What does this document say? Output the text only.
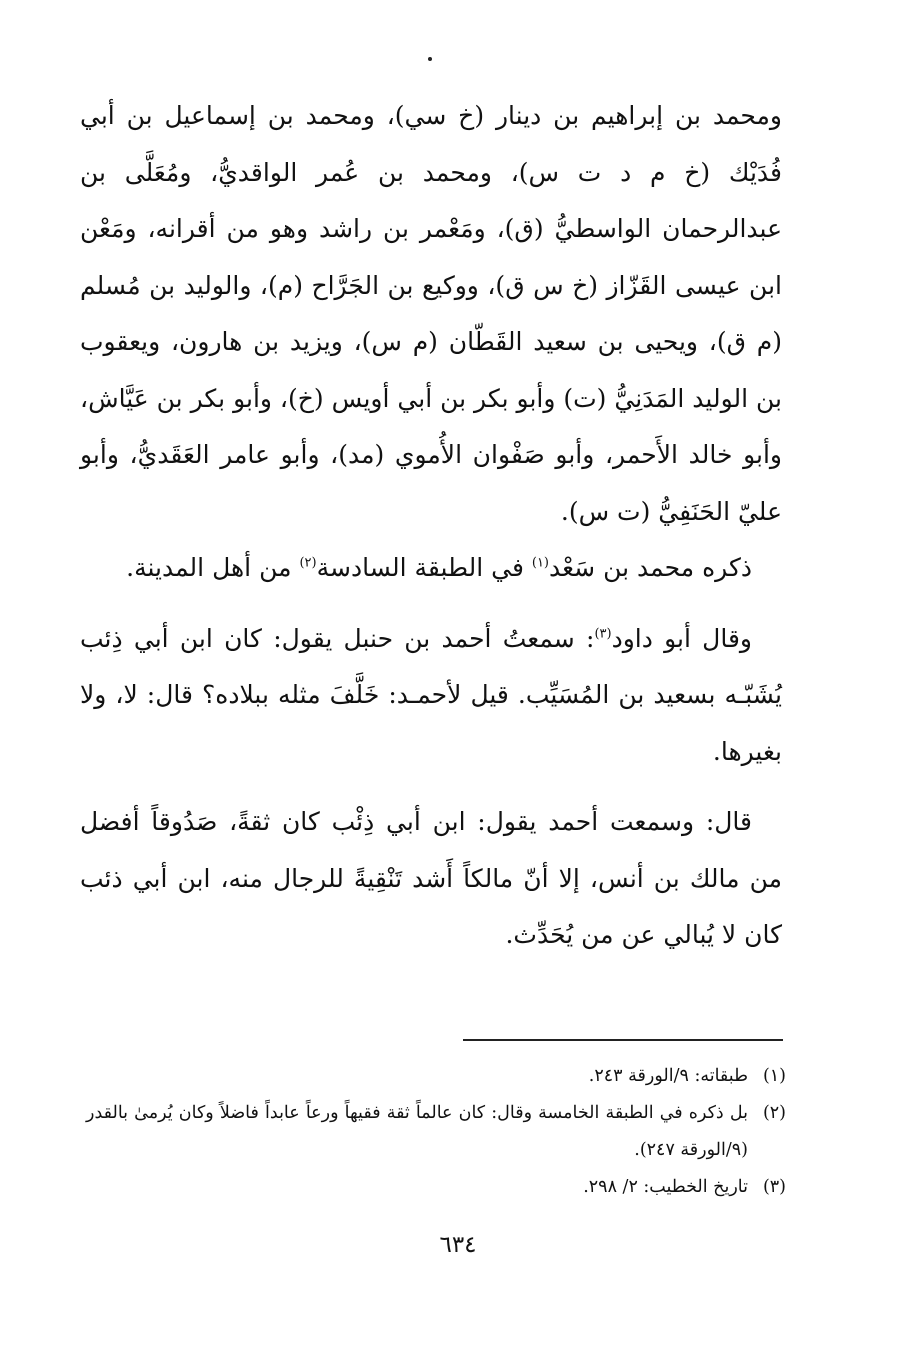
ومحمد بن إبراهيم بن دينار (خ سي)، ومحمد بن إسماعيل بن أبي فُدَيْك (خ م د ت س)، ومحمد بن عُمر الواقديُّ، ومُعَلَّى بن عبدالرحمان الواسطيُّ (ق)، ومَعْمر بن راشد وهو من أقرانه، ومَعْن ابن عيسى القَزّاز (خ س ق)، ووكيع بن الجَرَّاح (م)، والوليد بن مُسلم (م ق)، ويحيى بن سعيد القَطّان (م س)، ويزيد بن هارون، ويعقوب بن الوليد المَدَنِيُّ (ت) وأبو بكر بن أبي أويس (خ)، وأبو بكر بن عَيَّاش، وأبو خالد الأَحمر، وأبو صَفْوان الأُموي (مد)، وأبو عامر العَقَديُّ، وأبو عليّ الحَنَفِيُّ (ت س).

ذكره محمد بن سَعْد$^{(١)}$ في الطبقة السادسة$^{(٢)}$ من أهل المدينة.

وقال أبو داود$^{(٣)}$: سمعتُ أحمد بن حنبل يقول: كان ابن أبي ذِئب يُشَبّـه بسعيد بن المُسَيِّب. قيل لأحمـد: خَلَّفَ مثله ببلاده؟ قال: لا، ولا بغيرها.

قال: وسمعت أحمد يقول: ابن أبي ذِئْب كان ثقةً، صَدُوقاً أفضل من مالك بن أنس، إلا أنّ مالكاً أَشد تَنْقِيةً للرجال منه، ابن أبي ذئب كان لا يُبالي عن من يُحَدِّث.

(١)
طبقاته: ٩/الورقة ٢٤٣.
(٢)
بل ذكره في الطبقة الخامسة وقال: كان عالماً ثقة فقيهاً ورعاً عابداً فاضلاً وكان يُرمىٰ بالقدر (٩/الورقة ٢٤٧).
(٣)
تاريخ الخطيب: ٢/ ٢٩٨.
٦٣٤
